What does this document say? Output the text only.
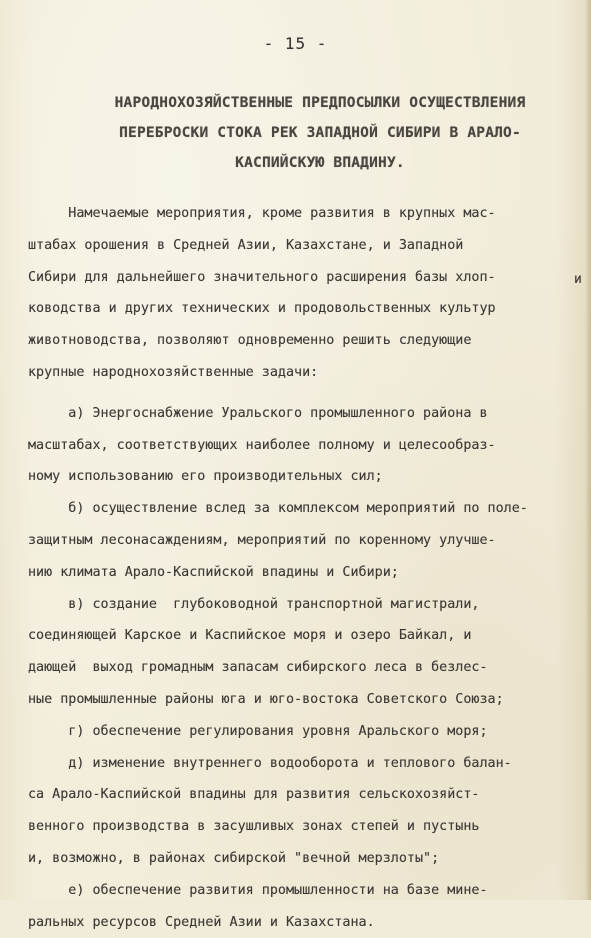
- 15 -
НАРОДНОХОЗЯЙСТВЕННЫЕ ПРЕДПОСЫЛКИ ОСУЩЕСТВЛЕНИЯ
ПЕРЕБРОСКИ СТОКА РЕК ЗАПАДНОЙ СИБИРИ В АРАЛО-
КАСПИЙСКУЮ ВПАДИНУ.
Намечаемые мероприятия, кроме развития в крупных мас-
штабах орошения в Средней Азии, Казахстане, и Западной
Сибири для дальнейшего значительного расширения базы хлоп-
ководства и других технических и продовольственных культур
животноводства, позволяют одновременно решить следующие
крупные народнохозяйственные задачи:
а) Энергоснабжение Уральского промышленного района в
масштабах, соответствующих наиболее полному и целесообраз-
ному использованию его производительных сил;
б) осуществление вслед за комплексом мероприятий по поле-
защитным лесонасаждениям, мероприятий по коренному улучше-
нию климата Арало-Каспийской впадины и Сибири;
в) создание  глубоководной транспортной магистрали,
соединяющей Карское и Каспийское моря и озеро Байкал, и
дающей  выход громадным запасам сибирского леса в безлес-
ные промышленные районы юга и юго-востока Советского Союза;
г) обеспечение регулирования уровня Аральского моря;
д) изменение внутреннего водооборота и теплового балан-
са Арало-Каспийской впадины для развития сельскохозяйст-
венного производства в засушливых зонах степей и пустынь
и, возможно, в районах сибирской "вечной мерзлоты";
е) обеспечение развития промышленности на базе мине-
ральных ресурсов Средней Азии и Казахстана.
и
